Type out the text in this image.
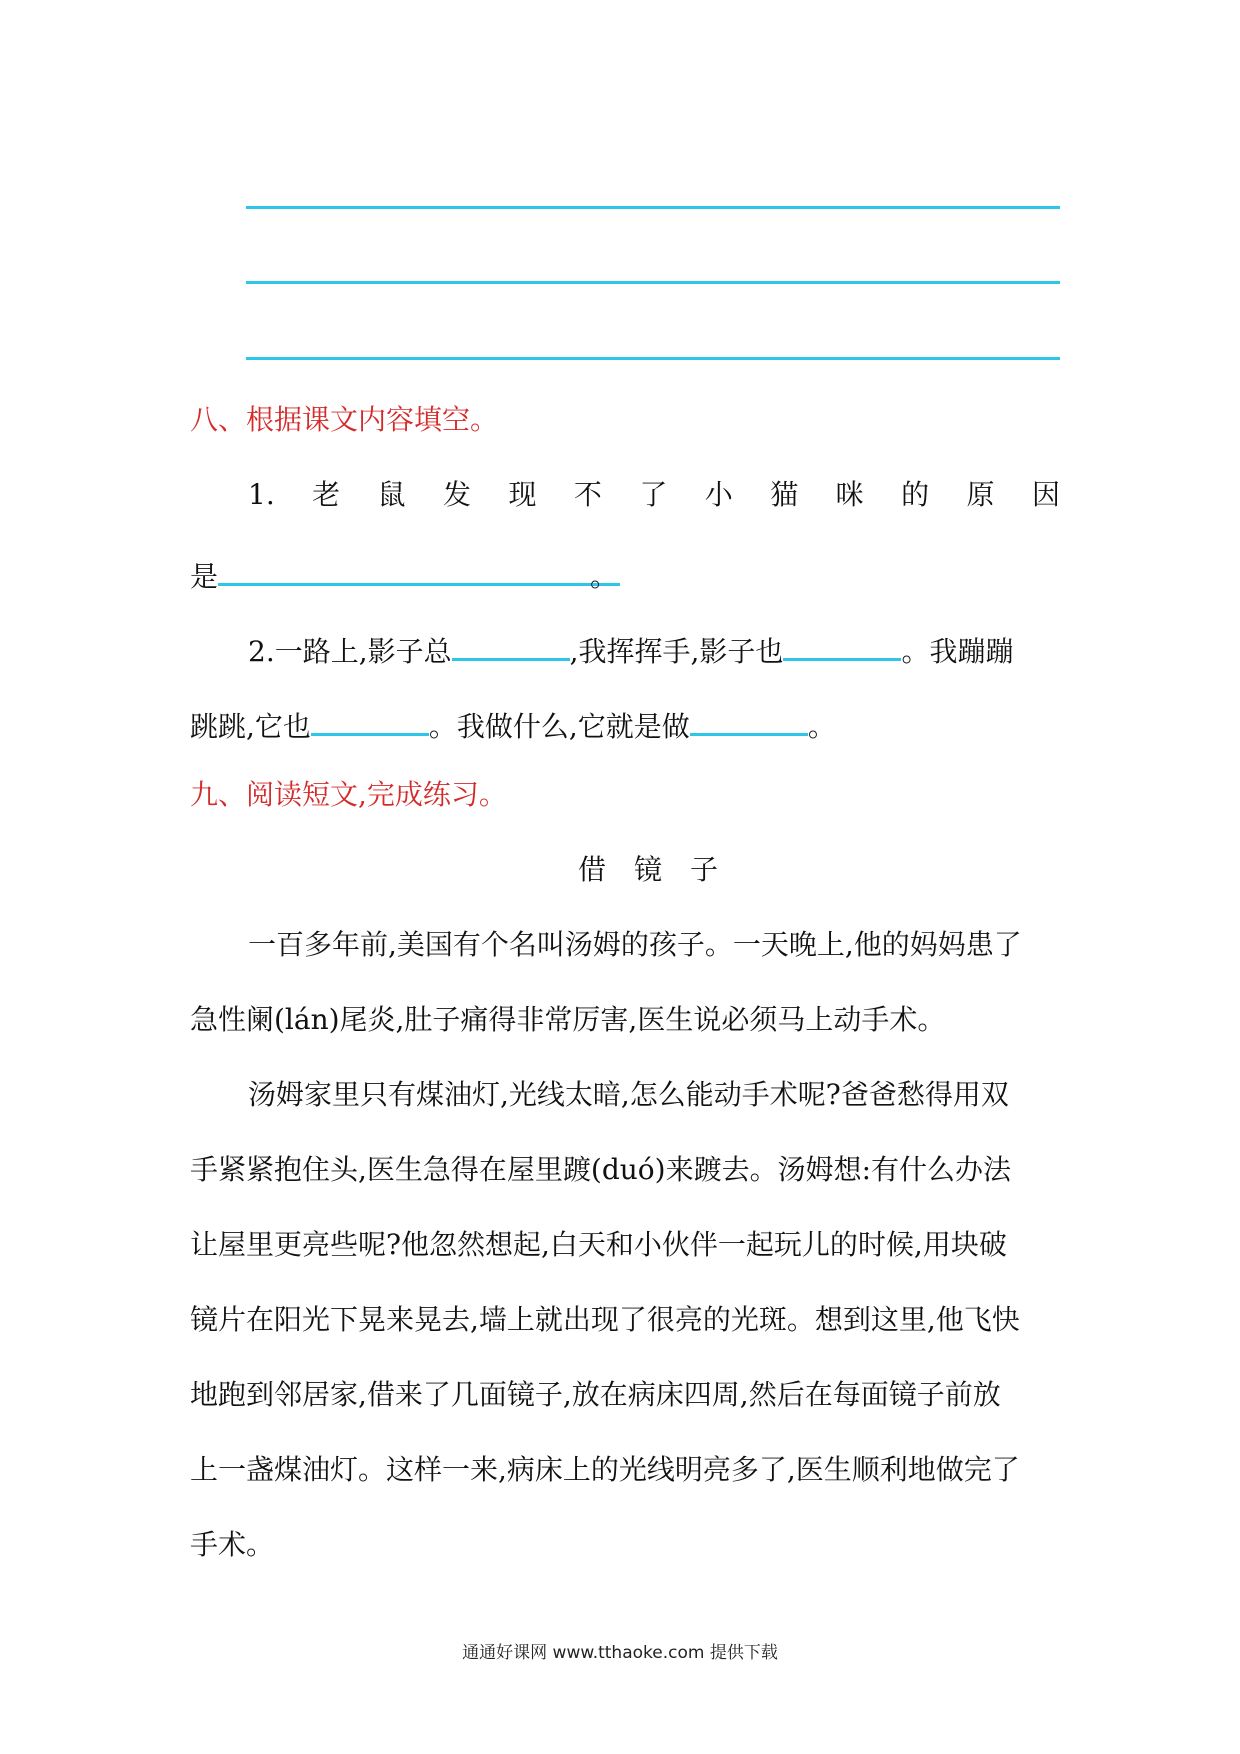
八、根据课文内容填空。
1. 老 鼠 发 现 不 了 小 猫 咪 的 原 因
是	。
2.一路上,影子总	,我挥挥手,影子也	。我蹦蹦
跳跳,它也	。我做什么,它就是做	。
九、阅读短文,完成练习。
借 镜 子
一百多年前,美国有个名叫汤姆的孩子。一天晚上,他的妈妈患了
急性阑(lán)尾炎,肚子痛得非常厉害,医生说必须马上动手术。
汤姆家里只有煤油灯,光线太暗,怎么能动手术呢?爸爸愁得用双
手紧紧抱住头,医生急得在屋里踱(duó)来踱去。汤姆想:有什么办法
让屋里更亮些呢?他忽然想起,白天和小伙伴一起玩儿的时候,用块破
镜片在阳光下晃来晃去,墙上就出现了很亮的光斑。想到这里,他飞快
地跑到邻居家,借来了几面镜子,放在病床四周,然后在每面镜子前放
上一盏煤油灯。这样一来,病床上的光线明亮多了,医生顺利地做完了
手术。
通通好课网 www.tthaoke.com 提供下载
